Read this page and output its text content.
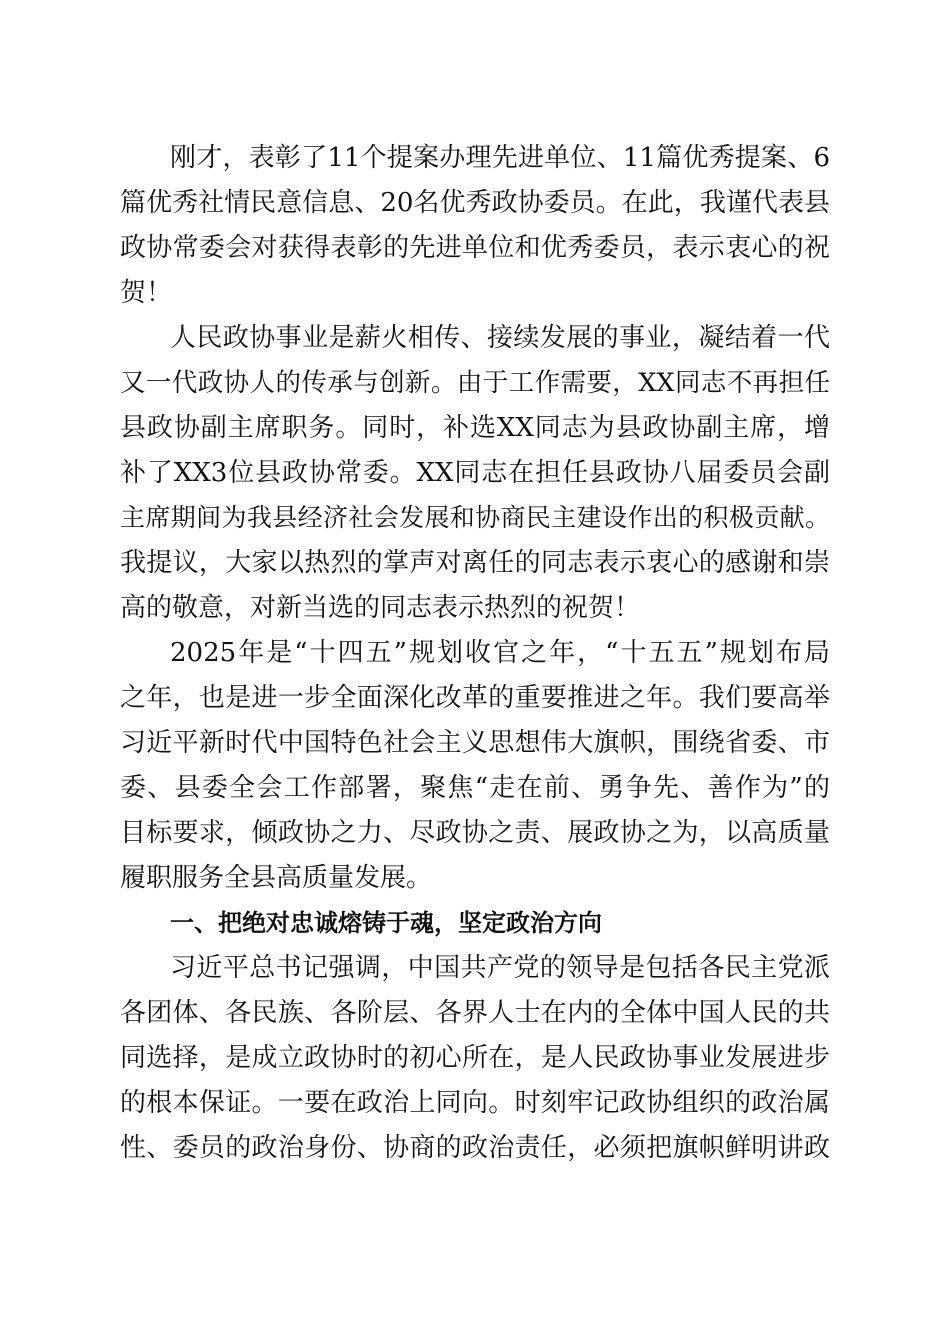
刚才，表彰了11个提案办理先进单位、11篇优秀提案、6
篇优秀社情民意信息、20名优秀政协委员。在此，我谨代表县
政协常委会对获得表彰的先进单位和优秀委员，表示衷心的祝
贺！
人民政协事业是薪火相传、接续发展的事业，凝结着一代
又一代政协人的传承与创新。由于工作需要，XX同志不再担任
县政协副主席职务。同时，补选XX同志为县政协副主席，增
补了XX3位县政协常委。XX同志在担任县政协八届委员会副
主席期间为我县经济社会发展和协商民主建设作出的积极贡献。
我提议，大家以热烈的掌声对离任的同志表示衷心的感谢和崇
高的敬意，对新当选的同志表示热烈的祝贺！
2025年是“十四五”规划收官之年，“十五五”规划布局
之年，也是进一步全面深化改革的重要推进之年。我们要高举
习近平新时代中国特色社会主义思想伟大旗帜，围绕省委、市
委、县委全会工作部署，聚焦“走在前、勇争先、善作为”的
目标要求，倾政协之力、尽政协之责、展政协之为，以高质量
履职服务全县高质量发展。
一、把绝对忠诚熔铸于魂，坚定政治方向
习近平总书记强调，中国共产党的领导是包括各民主党派
各团体、各民族、各阶层、各界人士在内的全体中国人民的共
同选择，是成立政协时的初心所在，是人民政协事业发展进步
的根本保证。一要在政治上同向。时刻牢记政协组织的政治属
性、委员的政治身份、协商的政治责任，必须把旗帜鲜明讲政
